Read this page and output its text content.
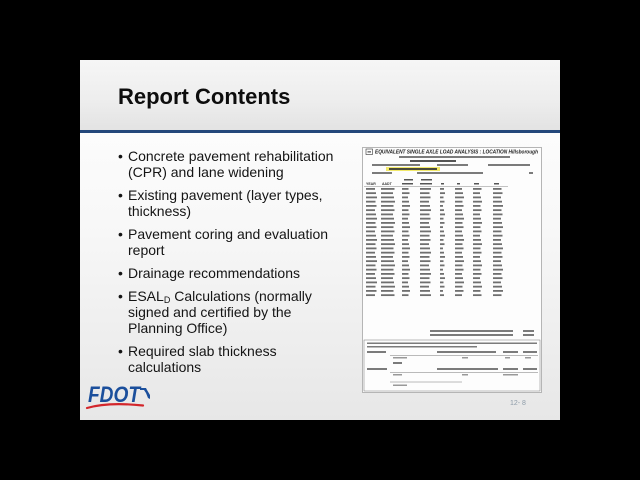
Report Contents
• Concrete pavement rehabilitation (CPR) and lane widening
• Existing pavement (layer types, thickness)
• Pavement coring and evaluation report
• Drainage recommendations
• $ESAL_D$ Calculations (normally signed and certified by the Planning Office)
• Required slab thickness calculations
EQUIVALENT SINGLE AXLE LOAD ANALYSIS : LOCATION Hillsborough
YEAR AADT
12- 8
FDOT
